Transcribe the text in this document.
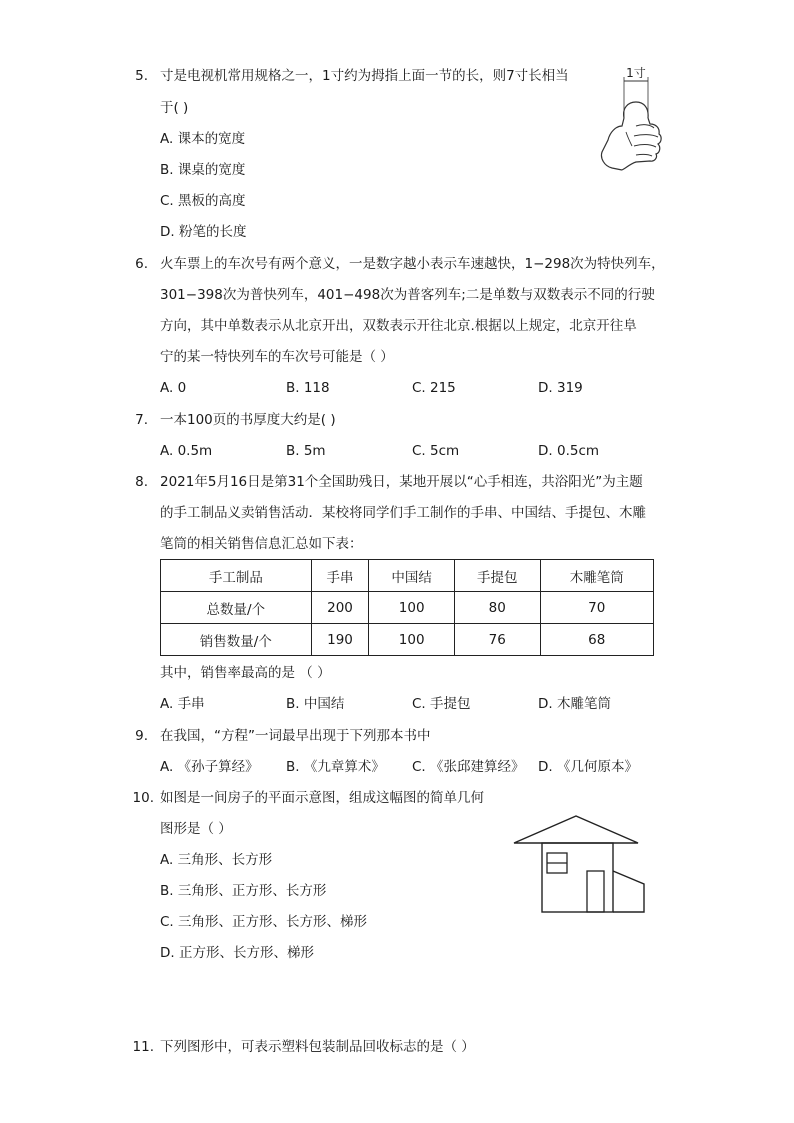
5. 寸是电视机常用规格之一，1寸约为拇指上面一节的长，则7寸长相当
于( )
A. 课本的宽度
B. 课桌的宽度
C. 黑板的高度
D. 粉笔的长度
1寸
6. 火车票上的车次号有两个意义，一是数字越小表示车速越快，1−298次为特快列车，
301−398次为普快列车，401−498次为普客列车;二是单数与双数表示不同的行驶
方向，其中单数表示从北京开出，双数表示开往北京.根据以上规定，北京开往阜
宁的某一特快列车的车次号可能是（ ）
A. 0	B. 118	C. 215	D. 319
7. 一本100页的书厚度大约是( )
A. 0.5m	B. 5m	C. 5cm	D. 0.5cm
8. 2021年5月16日是第31个全国助残日，某地开展以“心手相连，共浴阳光”为主题
的手工制品义卖销售活动．某校将同学们手工制作的手串、中国结、手提包、木雕
笔筒的相关销售信息汇总如下表：
手工制品	手串	中国结	手提包	木雕笔筒
总数量/个	200	100	80	70
销售数量/个	190	100	76	68
其中，销售率最高的是 （ ）
A. 手串	B. 中国结	C. 手提包	D. 木雕笔筒
9. 在我国，“方程”一词最早出现于下列那本书中
A. 《孙子算经》 B. 《九章算术》 C. 《张邱建算经》 D. 《几何原本》
10. 如图是一间房子的平面示意图，组成这幅图的简单几何
图形是（ ）
A. 三角形、长方形
B. 三角形、正方形、长方形
C. 三角形、正方形、长方形、梯形
D. 正方形、长方形、梯形
11. 下列图形中，可表示塑料包装制品回收标志的是（ ）
